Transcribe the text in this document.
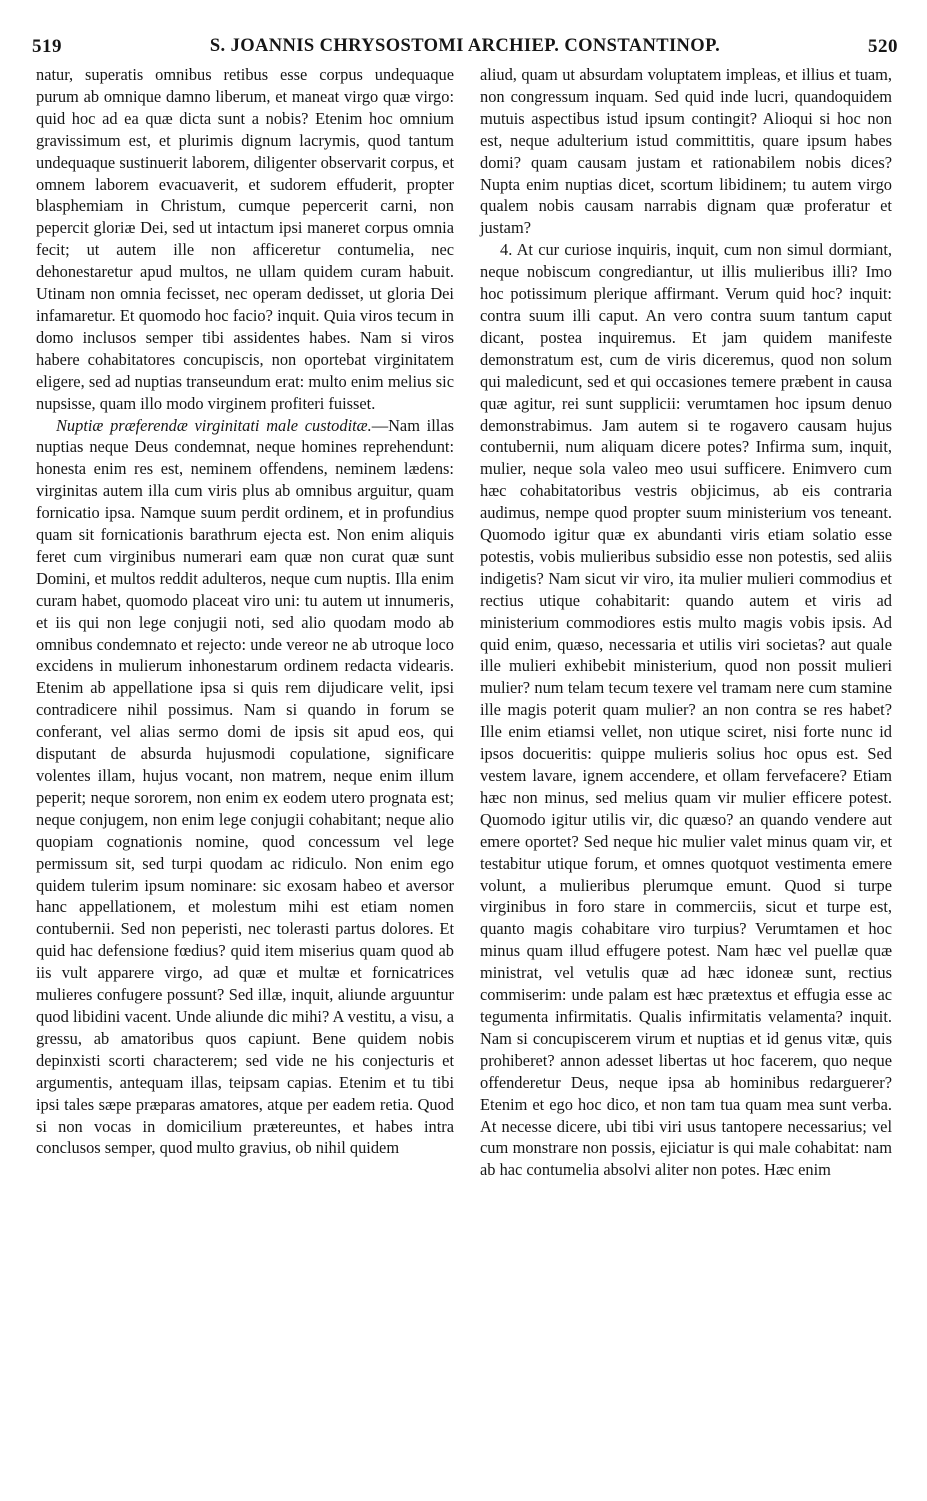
519	S. JOANNIS CHRYSOSTOMI ARCHIEP. CONSTANTINOP.	520

natur, superatis omnibus retibus esse corpus undequaque purum ab omnique damno liberum, et maneat virgo quæ virgo: quid hoc ad ea quæ dicta sunt a nobis? Etenim hoc omnium gravissimum est, et plurimis dignum lacrymis, quod tantum undequaque sustinuerit laborem, diligenter observarit corpus, et omnem laborem evacuaverit, et sudorem effuderit, propter blasphemiam in Christum, cumque pepercerit carni, non pepercit gloriæ Dei, sed ut intactum ipsi maneret corpus omnia fecit; ut autem ille non afficeretur contumelia, nec dehonestaretur apud multos, ne ullam quidem curam habuit. Utinam non omnia fecisset, nec operam dedisset, ut gloria Dei infamaretur. Et quomodo hoc facio? inquit. Quia viros tecum in domo inclusos semper tibi assidentes habes. Nam si viros habere cohabitatores concupiscis, non oportebat virginitatem eligere, sed ad nuptias transeundum erat: multo enim melius sic nupsisse, quam illo modo virginem profiteri fuisset.

Nuptiæ præferendæ virginitati male custoditæ.—Nam illas nuptias neque Deus condemnat, neque homines reprehendunt: honesta enim res est, neminem offendens, neminem lædens: virginitas autem illa cum viris plus ab omnibus arguitur, quam fornicatio ipsa. Namque suum perdit ordinem, et in profundius quam sit fornicationis barathrum ejecta est. Non enim aliquis feret cum virginibus numerari eam quæ non curat quæ sunt Domini, et multos reddit adulteros, neque cum nuptis. Illa enim curam habet, quomodo placeat viro uni: tu autem ut innumeris, et iis qui non lege conjugii noti, sed alio quodam modo ab omnibus condemnato et rejecto: unde vereor ne ab utroque loco excidens in mulierum inhonestarum ordinem redacta videaris. Etenim ab appellatione ipsa si quis rem dijudicare velit, ipsi contradicere nihil possimus. Nam si quando in forum se conferant, vel alias sermo domi de ipsis sit apud eos, qui disputant de absurda hujusmodi copulatione, significare volentes illam, hujus vocant, non matrem, neque enim illum peperit; neque sororem, non enim ex eodem utero prognata est; neque conjugem, non enim lege conjugii cohabitant; neque alio quopiam cognationis nomine, quod concessum vel lege permissum sit, sed turpi quodam ac ridiculo. Non enim ego quidem tulerim ipsum nominare: sic exosam habeo et aversor hanc appellationem, et molestum mihi est etiam nomen contubernii. Sed non peperisti, nec tolerasti partus dolores. Et quid hac defensione fœdius? quid item miserius quam quod ab iis vult apparere virgo, ad quæ et multæ et fornicatrices mulieres confugere possunt? Sed illæ, inquit, aliunde arguuntur quod libidini vacent. Unde aliunde dic mihi? A vestitu, a visu, a gressu, ab amatoribus quos capiunt. Bene quidem nobis depinxisti scorti characterem; sed vide ne his conjecturis et argumentis, antequam illas, teipsam capias. Etenim et tu tibi ipsi tales sæpe præparas amatores, atque per eadem retia. Quod si non vocas in domicilium prætereuntes, et habes intra conclusos semper, quod multo gravius, ob nihil quidem

aliud, quam ut absurdam voluptatem impleas, et illius et tuam, non congressum inquam. Sed quid inde lucri, quandoquidem mutuis aspectibus istud ipsum contingit? Alioqui si hoc non est, neque adulterium istud committitis, quare ipsum habes domi? quam causam justam et rationabilem nobis dices? Nupta enim nuptias dicet, scortum libidinem; tu autem virgo qualem nobis causam narrabis dignam quæ proferatur et justam?

4. At cur curiose inquiris, inquit, cum non simul dormiant, neque nobiscum congrediantur, ut illis mulieribus illi? Imo hoc potissimum plerique affirmant. Verum quid hoc? inquit: contra suum illi caput. An vero contra suum tantum caput dicant, postea inquiremus. Et jam quidem manifeste demonstratum est, cum de viris diceremus, quod non solum qui maledicunt, sed et qui occasiones temere præbent in causa quæ agitur, rei sunt supplicii: verumtamen hoc ipsum denuo demonstrabimus. Jam autem si te rogavero causam hujus contubernii, num aliquam dicere potes? Infirma sum, inquit, mulier, neque sola valeo meo usui sufficere. Enimvero cum hæc cohabitatoribus vestris objicimus, ab eis contraria audimus, nempe quod propter suum ministerium vos teneant. Quomodo igitur quæ ex abundanti viris etiam solatio esse potestis, vobis mulieribus subsidio esse non potestis, sed aliis indigetis? Nam sicut vir viro, ita mulier mulieri commodius et rectius utique cohabitarit: quando autem et viris ad ministerium commodiores estis multo magis vobis ipsis. Ad quid enim, quæso, necessaria et utilis viri societas? aut quale ille mulieri exhibebit ministerium, quod non possit mulieri mulier? num telam tecum texere vel tramam nere cum stamine ille magis poterit quam mulier? an non contra se res habet? Ille enim etiamsi vellet, non utique sciret, nisi forte nunc id ipsos docueritis: quippe mulieris solius hoc opus est. Sed vestem lavare, ignem accendere, et ollam fervefacere? Etiam hæc non minus, sed melius quam vir mulier efficere potest. Quomodo igitur utilis vir, dic quæso? an quando vendere aut emere oportet? Sed neque hic mulier valet minus quam vir, et testabitur utique forum, et omnes quotquot vestimenta emere volunt, a mulieribus plerumque emunt. Quod si turpe virginibus in foro stare in commerciis, sicut et turpe est, quanto magis cohabitare viro turpius? Verumtamen et hoc minus quam illud effugere potest. Nam hæc vel puellæ quæ ministrat, vel vetulis quæ ad hæc idoneæ sunt, rectius commiserim: unde palam est hæc prætextus et effugia esse ac tegumenta infirmitatis. Qualis infirmitatis velamenta? inquit. Nam si concupiscerem virum et nuptias et id genus vitæ, quis prohiberet? annon adesset libertas ut hoc facerem, quo neque offenderetur Deus, neque ipsa ab hominibus redarguerer? Etenim et ego hoc dico, et non tam tua quam mea sunt verba. At necesse dicere, ubi tibi viri usus tantopere necessarius; vel cum monstrare non possis, ejiciatur is qui male cohabitat: nam ab hac contumelia absolvi aliter non potes. Hæc enim
